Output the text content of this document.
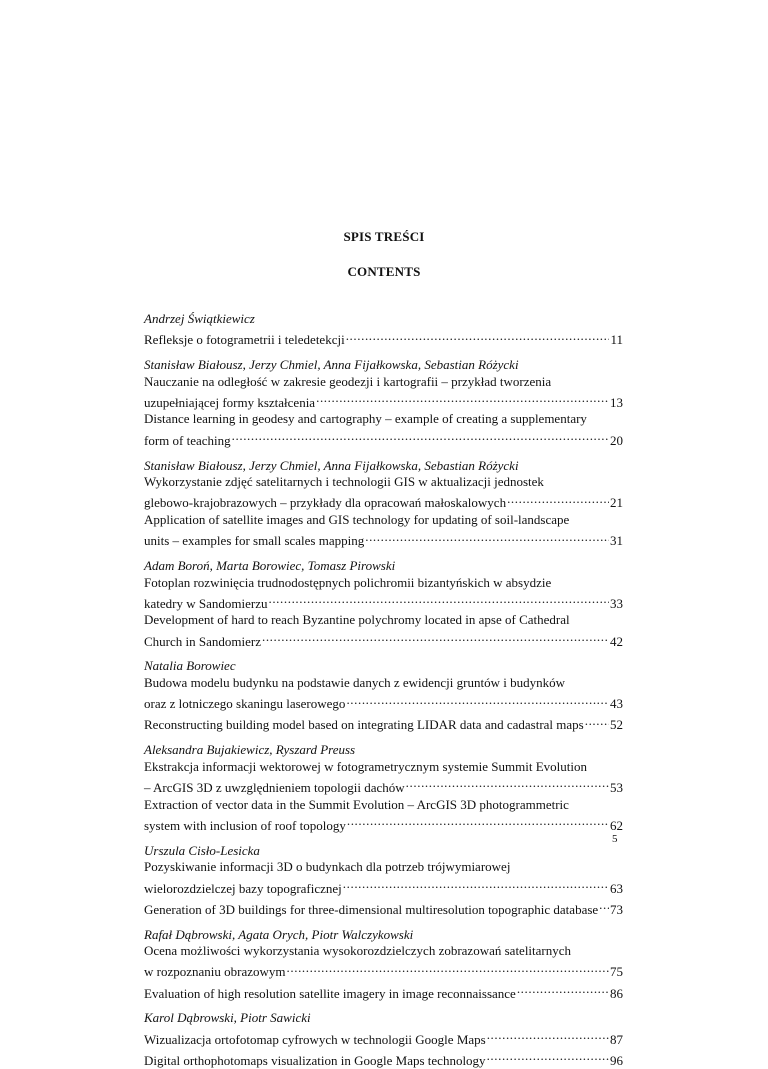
SPIS TREŚCI
CONTENTS
Andrzej Świątkiewicz
Refleksje o fotogrametrii i teledetekcji .....	11
Stanisław Białousz, Jerzy Chmiel, Anna Fijałkowska, Sebastian Różycki
Nauczanie na odległość w zakresie geodezji i kartografii – przykład tworzenia
uzupełniającej formy kształcenia .....	13
Distance learning in geodesy and cartography – example of creating a supplementary
form of teaching .....	20
Stanisław Białousz, Jerzy Chmiel, Anna Fijałkowska, Sebastian Różycki
Wykorzystanie zdjęć satelitarnych i technologii GIS w aktualizacji jednostek
glebowo-krajobrazowych – przykłady dla opracowań małoskalowych .....	21
Application of satellite images and GIS technology for updating of soil-landscape
units – examples for small scales mapping .....	31
Adam Boroń, Marta Borowiec, Tomasz Pirowski
Fotoplan rozwinięcia trudnodostępnych polichromii bizantyńskich w absydzie
katedry w Sandomierzu .....	33
Development of hard to reach Byzantine polychromy located in apse of Cathedral
Church in Sandomierz .....	42
Natalia Borowiec
Budowa modelu budynku na podstawie danych z ewidencji gruntów i budynków
oraz z lotniczego skaningu laserowego .....	43
Reconstructing building model based on integrating LIDAR data and cadastral maps ..... 52
Aleksandra Bujakiewicz, Ryszard Preuss
Ekstrakcja informacji wektorowej w fotogrametrycznym systemie Summit Evolution
– ArcGIS 3D z uwzględnieniem topologii dachów .....	53
Extraction of vector data in the Summit Evolution – ArcGIS 3D photogrammetric
system with inclusion of roof topology .....	62
Urszula Cisło-Lesicka
Pozyskiwanie informacji 3D o budynkach dla potrzeb trójwymiarowej
wielorozdzielczej bazy topograficznej .....	63
Generation of 3D buildings for three-dimensional multiresolution topographic database ..... 73
Rafał Dąbrowski, Agata Orych, Piotr Walczykowski
Ocena możliwości wykorzystania wysokorozdzielczych zobrazowań satelitarnych
w rozpoznaniu obrazowym .....	75
Evaluation of high resolution satellite imagery in image reconnaissance .....	86
Karol Dąbrowski, Piotr Sawicki
Wizualizacja ortofotomap cyfrowych w technologii Google Maps .....	87
Digital orthophotomaps visualization in Google Maps technology .....	96
5
